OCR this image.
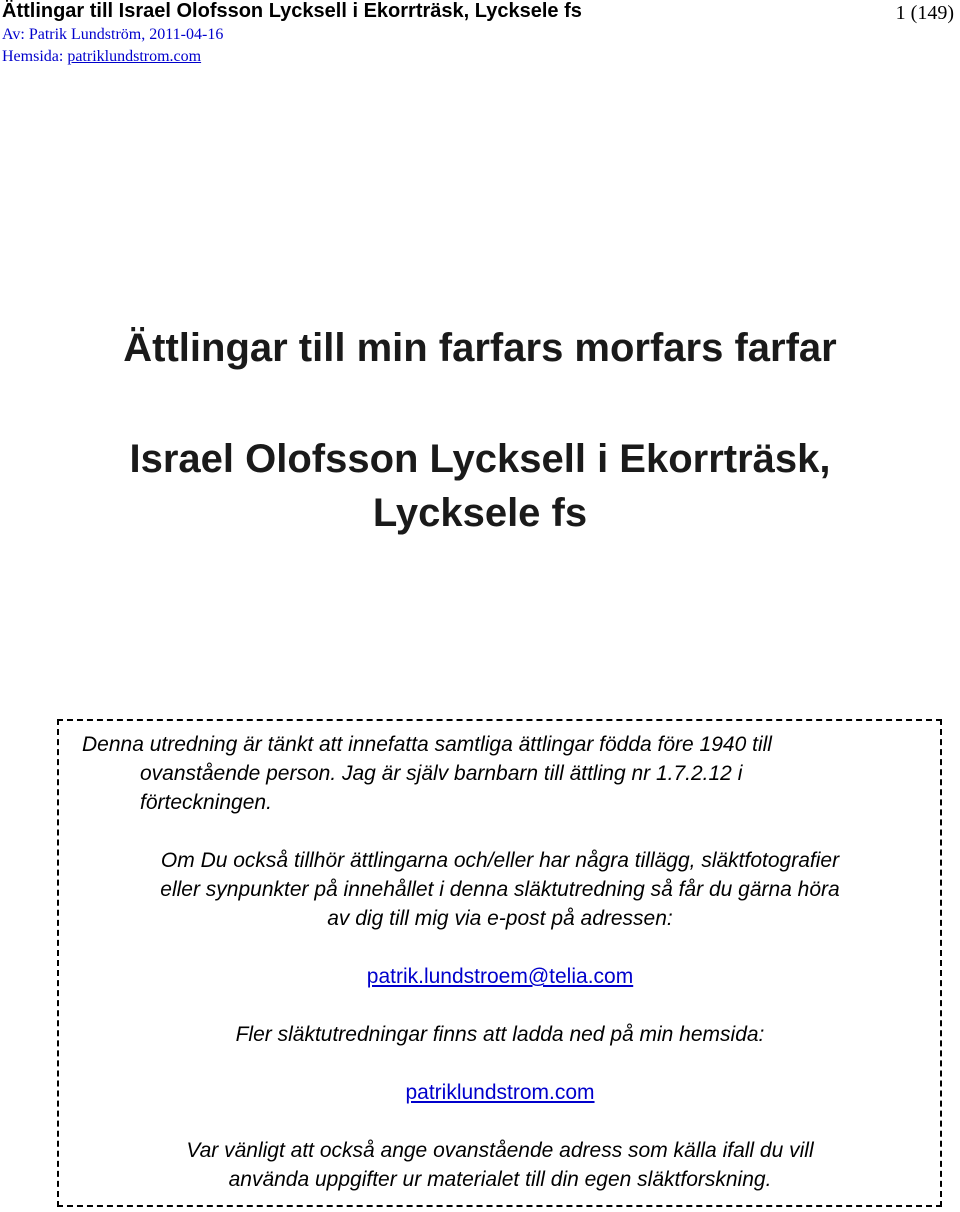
Ättlingar till Israel Olofsson Lycksell i Ekorrträsk, Lycksele fs	1 (149)
Av: Patrik Lundström, 2011-04-16
Hemsida: patriklundstrom.com
Ättlingar till min farfars morfars farfar
Israel Olofsson Lycksell i Ekorrträsk,
Lycksele fs
Denna utredning är tänkt att innefatta samtliga ättlingar födda före 1940 till
ovanstående person. Jag är själv barnbarn till ättling nr 1.7.2.12 i
förteckningen.
Om Du också tillhör ättlingarna och/eller har några tillägg, släktfotografier
eller synpunkter på innehållet i denna släktutredning så får du gärna höra
av dig till mig via e-post på adressen:
patrik.lundstroem@telia.com
Fler släktutredningar finns att ladda ned på min hemsida:
patriklundstrom.com
Var vänligt att också ange ovanstående adress som källa ifall du vill
använda uppgifter ur materialet till din egen släktforskning.
